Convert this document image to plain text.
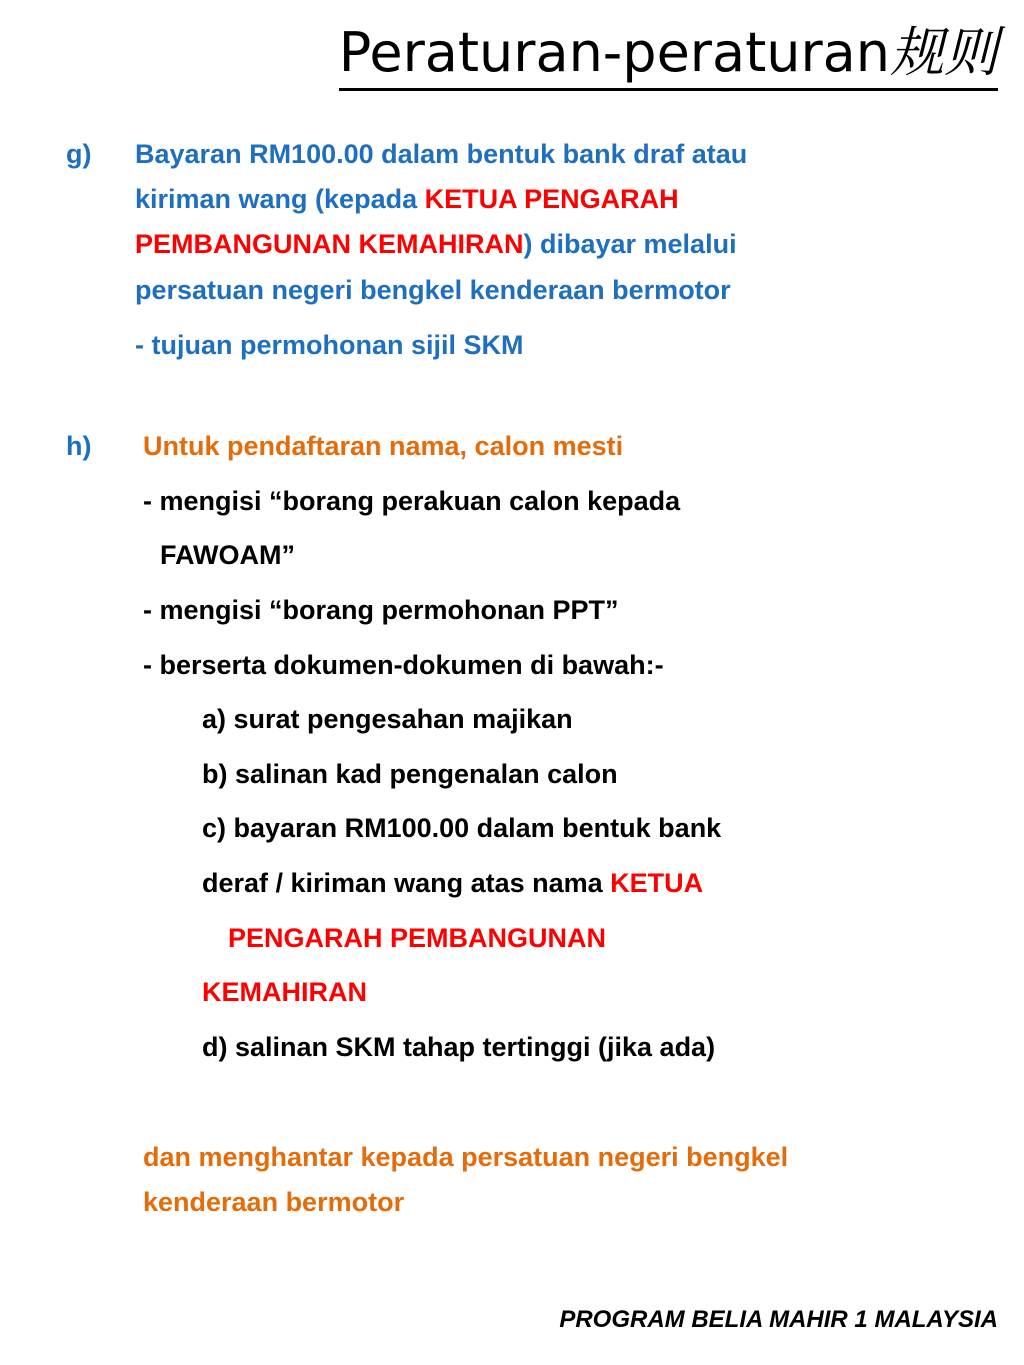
Peraturan-peraturan规则
g) Bayaran RM100.00 dalam bentuk bank draf atau
kiriman wang (kepada KETUA PENGARAH
PEMBANGUNAN KEMAHIRAN) dibayar melalui
persatuan negeri bengkel kenderaan bermotor
- tujuan permohonan sijil SKM
h) Untuk pendaftaran nama, calon mesti
- mengisi “borang perakuan calon kepada
FAWOAM”
- mengisi “borang permohonan PPT”
- berserta dokumen-dokumen di bawah:-
a) surat pengesahan majikan
b) salinan kad pengenalan calon
c) bayaran RM100.00 dalam bentuk bank
deraf / kiriman wang atas nama KETUA
PENGARAH PEMBANGUNAN
KEMAHIRAN
d) salinan SKM tahap tertinggi (jika ada)
dan menghantar kepada persatuan negeri bengkel
kenderaan bermotor
PROGRAM BELIA MAHIR 1 MALAYSIA
